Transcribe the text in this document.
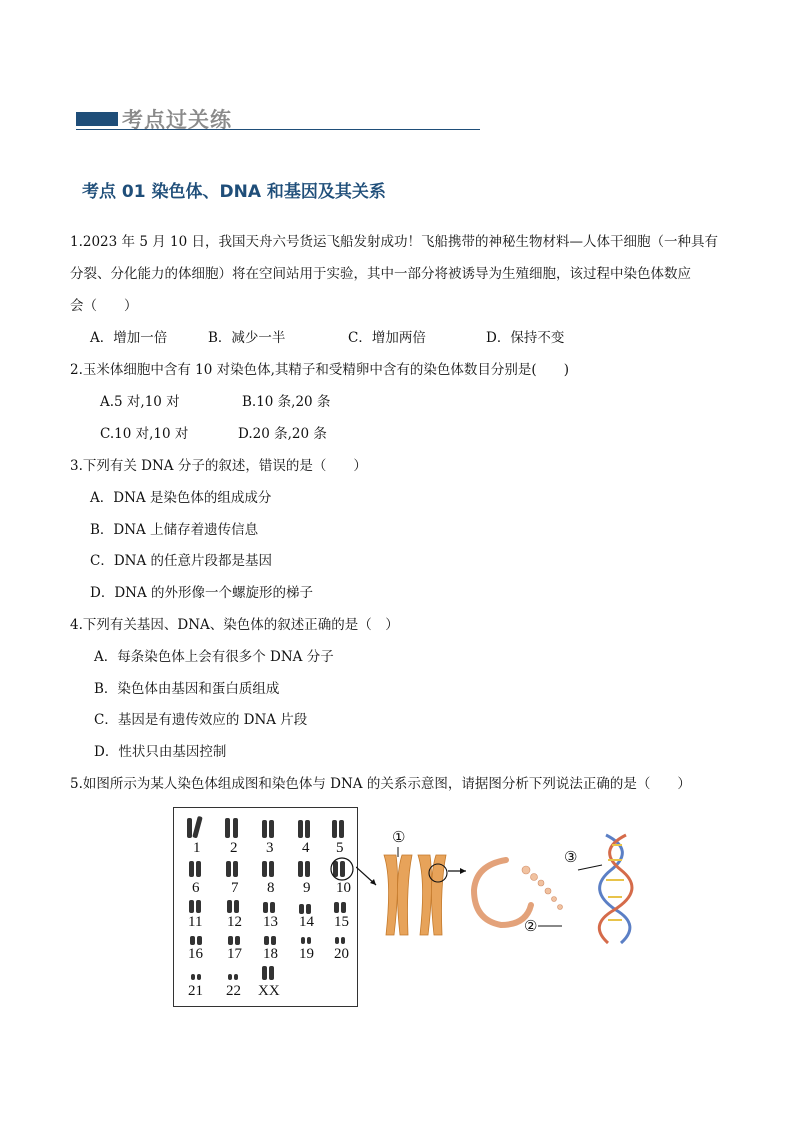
考点过关练
考点 01 染色体、DNA 和基因及其关系
1.2023 年 5 月 10 日，我国天舟六号货运飞船发射成功！飞船携带的神秘生物材料—人体干细胞（一种具有
分裂、分化能力的体细胞）将在空间站用于实验，其中一部分将被诱导为生殖细胞，该过程中染色体数应
会（　　）
A．增加一倍	B．减少一半	C．增加两倍	D．保持不变
2.玉米体细胞中含有 10 对染色体,其精子和受精卵中含有的染色体数目分别是(　　)
A.5 对,10 对	B.10 条,20 条
C.10 对,10 对	D.20 条,20 条
3.下列有关 DNA 分子的叙述，错误的是（　　）
A．DNA 是染色体的组成成分
B．DNA 上储存着遗传信息
C．DNA 的任意片段都是基因
D．DNA 的外形像一个螺旋形的梯子
4.下列有关基因、DNA、染色体的叙述正确的是（　）
A．每条染色体上会有很多个 DNA 分子
B．染色体由基因和蛋白质组成
C．基因是有遗传效应的 DNA 片段
D．性状只由基因控制
5.如图所示为某人染色体组成图和染色体与 DNA 的关系示意图，请据图分析下列说法正确的是（　　）
1 2 3 4 5
6 7 8 9 10
11 12 13 14 15
16 17 18 19 20
21 22 XX
①
②
③
